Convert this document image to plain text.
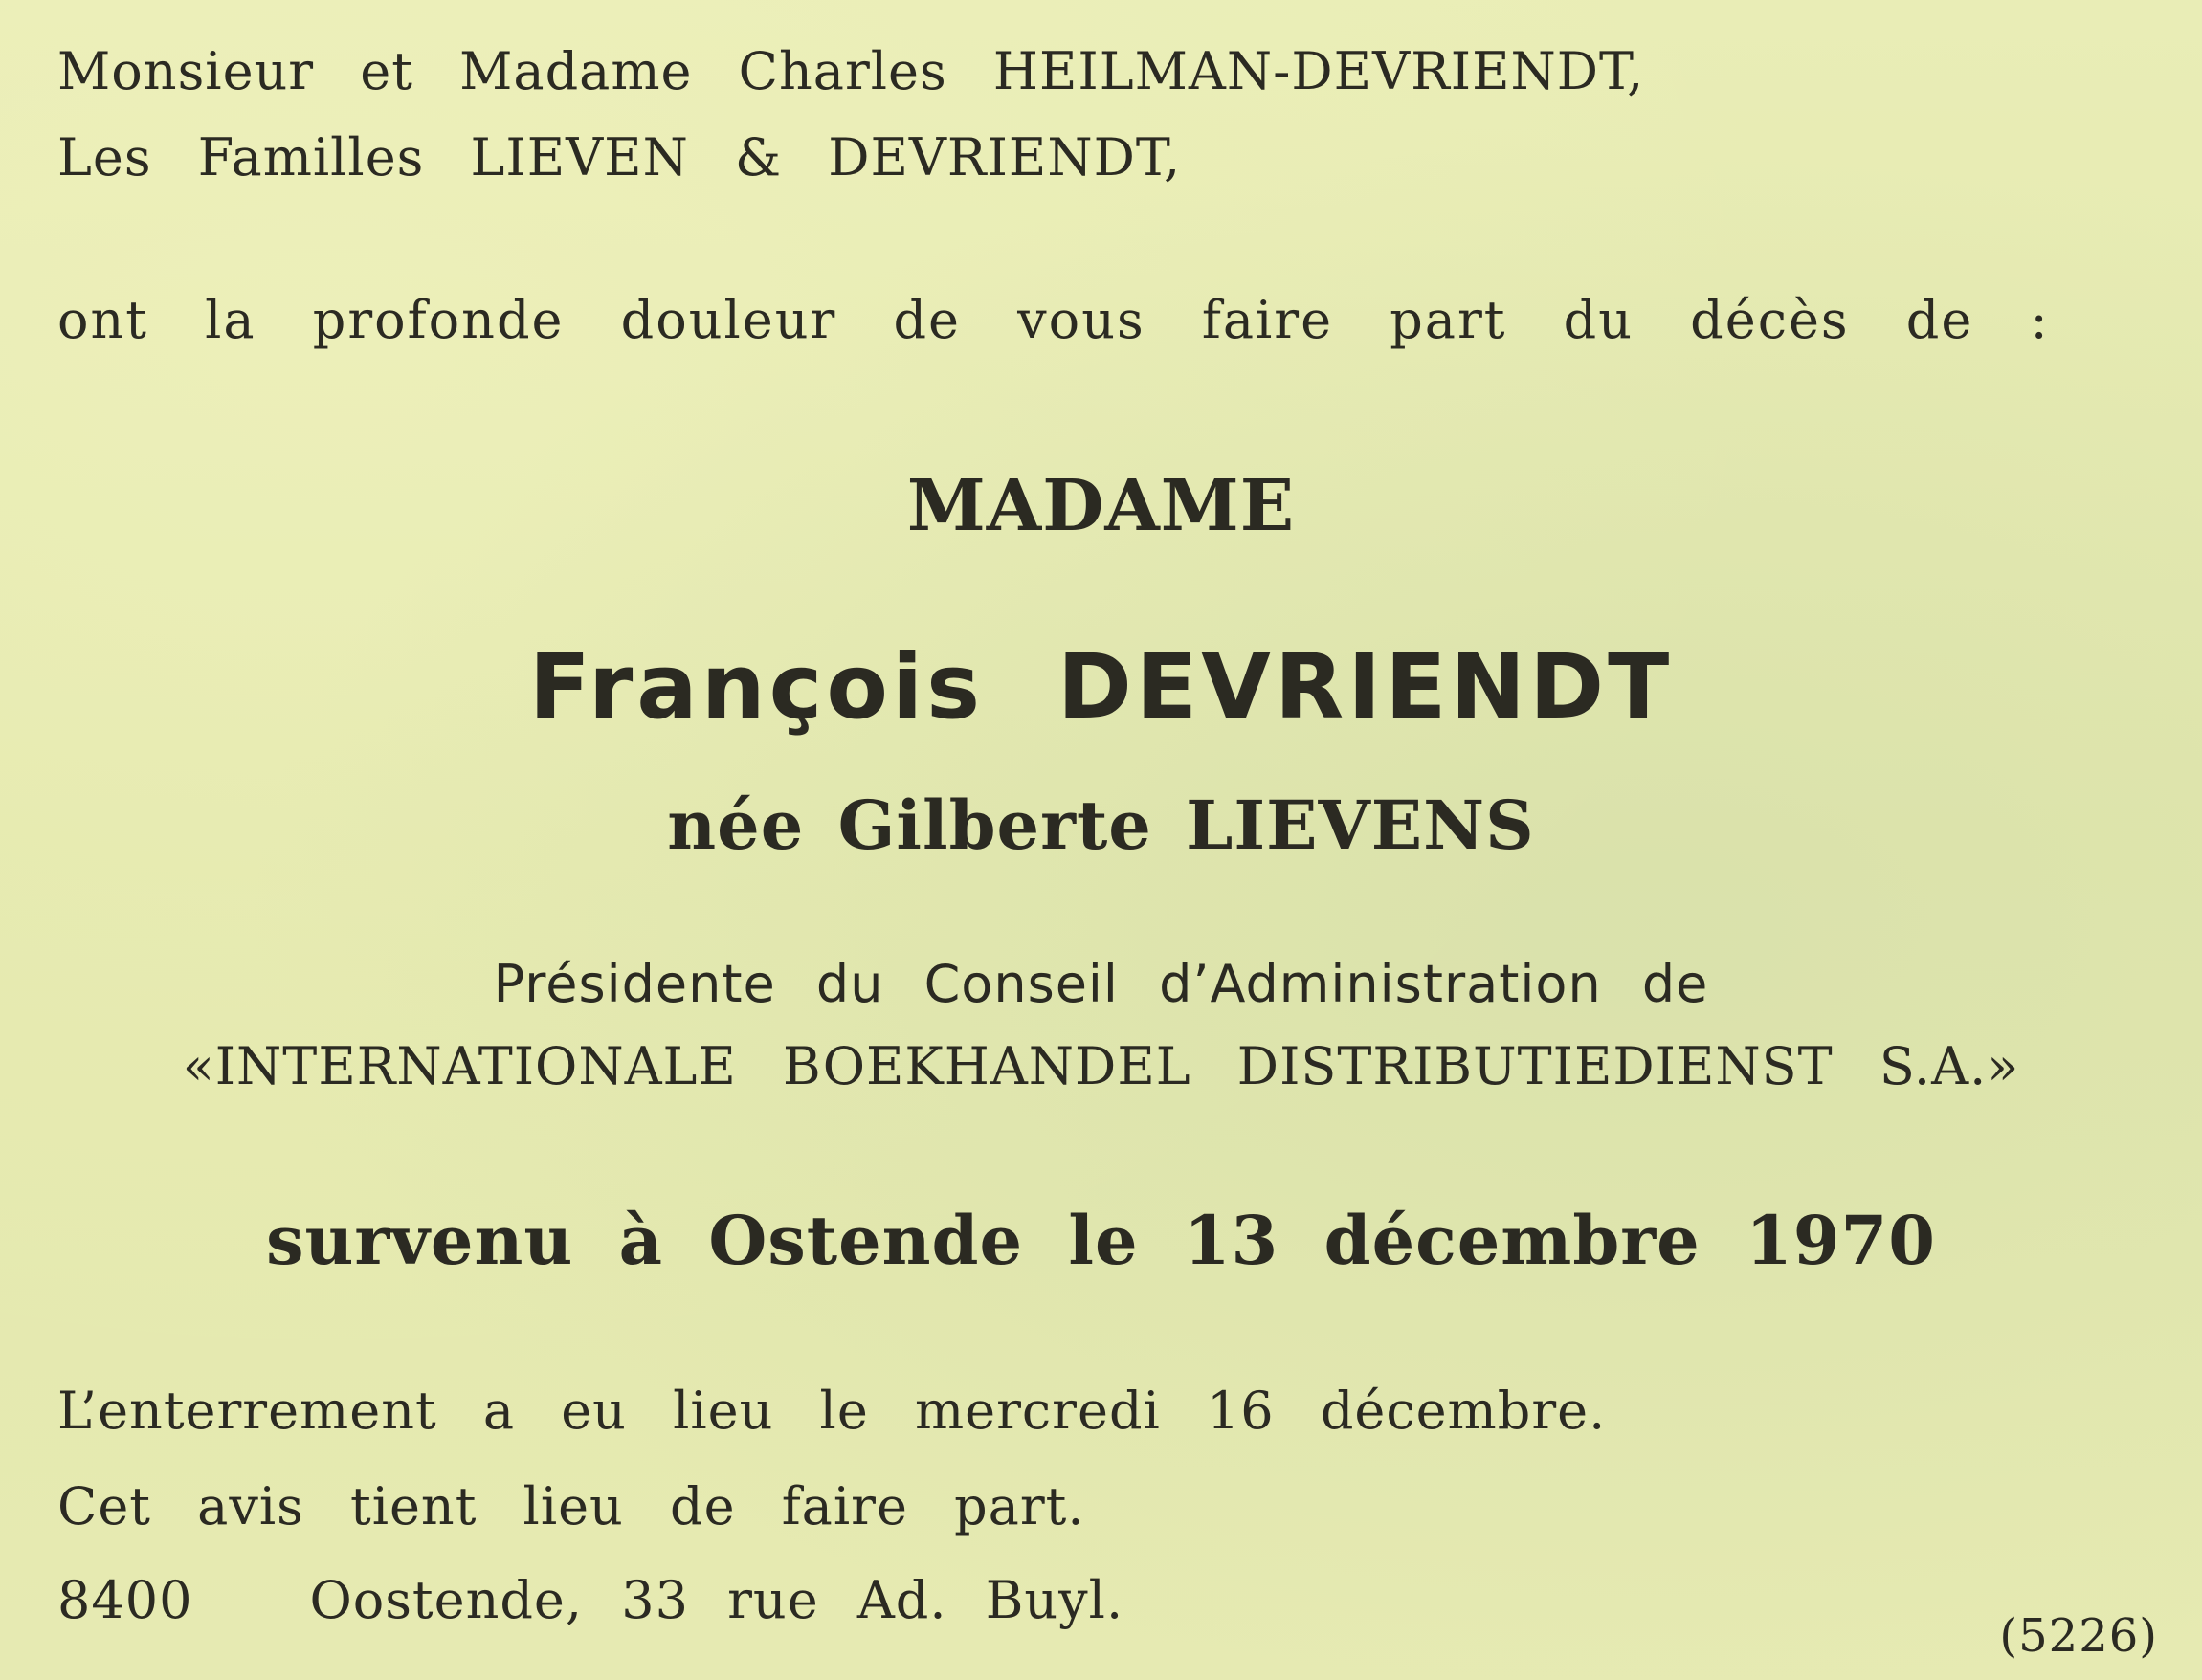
Monsieur et Madame Charles HEILMAN-DEVRIENDT,

Les Familles LIEVEN & DEVRIENDT,

ont la profonde douleur de vous faire part du décès de :

MADAME

François DEVRIENDT

née Gilberte LIEVENS

Présidente du Conseil d’Administration de

«INTERNATIONALE BOEKHANDEL DISTRIBUTIEDIENST S.A.»

survenu à Ostende le 13 décembre 1970

L’enterrement a eu lieu le mercredi 16 décembre.

Cet avis tient lieu de faire part.

8400 Oostende, 33 rue Ad. Buyl.

(5226)
